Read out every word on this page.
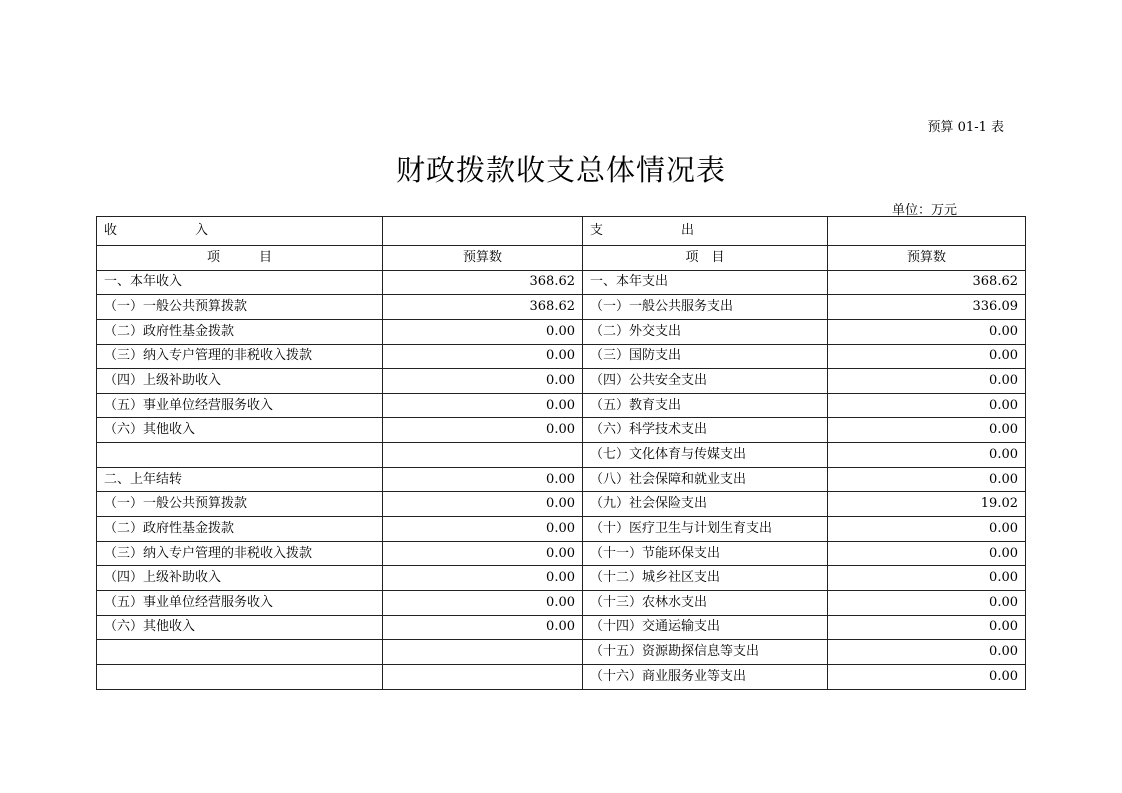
预算 01-1 表
财政拨款收支总体情况表
单位：万元
收　　　　　　入		支　　　　　　出	
项　　　目	预算数	项　目	预算数
一、本年收入	368.62	一、本年支出	368.62
（一）一般公共预算拨款	368.62	（一）一般公共服务支出	336.09
（二）政府性基金拨款	0.00	（二）外交支出	0.00
（三）纳入专户管理的非税收入拨款	0.00	（三）国防支出	0.00
（四）上级补助收入	0.00	（四）公共安全支出	0.00
（五）事业单位经营服务收入	0.00	（五）教育支出	0.00
（六）其他收入	0.00	（六）科学技术支出	0.00
		（七）文化体育与传媒支出	0.00
二、上年结转	0.00	（八）社会保障和就业支出	0.00
（一）一般公共预算拨款	0.00	（九）社会保险支出	19.02
（二）政府性基金拨款	0.00	（十）医疗卫生与计划生育支出	0.00
（三）纳入专户管理的非税收入拨款	0.00	（十一）节能环保支出	0.00
（四）上级补助收入	0.00	（十二）城乡社区支出	0.00
（五）事业单位经营服务收入	0.00	（十三）农林水支出	0.00
（六）其他收入	0.00	（十四）交通运输支出	0.00
		（十五）资源勘探信息等支出	0.00
		（十六）商业服务业等支出	0.00
